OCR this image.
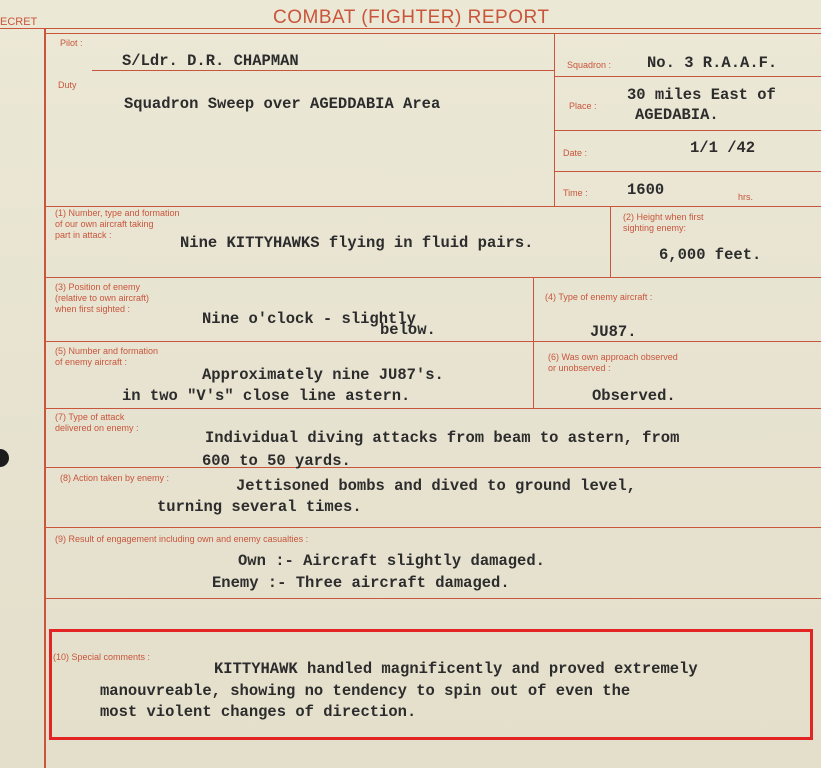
ECRET	COMBAT (FIGHTER) REPORT
Pilot :
S/Ldr. D.R. CHAPMAN
Duty
Squadron Sweep over AGEDDABIA Area
Squadron : No. 3 R.A.A.F.
Place :
30 miles East of
AGEDABIA.
Date :	1/1 /42
Time :	1600	hrs.
(1) Number, type and formation
of our own aircraft taking
part in attack :	Nine KITTYHAWKS flying in fluid pairs.
(2) Height when first
sighting enemy:
6,000 feet.
(3) Position of enemy
(relative to own aircraft)
when first sighted :
Nine o'clock - slightly
below.
(4) Type of enemy aircraft :
JU87.
(5) Number and formation
of enemy aircraft :
Approximately nine JU87's.
in two "V's" close line astern.
(6) Was own approach observed
or unobserved :
Observed.
(7) Type of attack
delivered on enemy :
Individual diving attacks from beam to astern, from
600 to 50 yards.
(8) Action taken by enemy :	Jettisoned bombs and dived to ground level,
turning several times.
(9) Result of engagement including own and enemy casualties :
Own :- Aircraft slightly damaged.
Enemy :- Three aircraft damaged.
(10) Special comments :
KITTYHAWK handled magnificently and proved extremely
manouvreable, showing no tendency to spin out of even the
most violent changes of direction.
